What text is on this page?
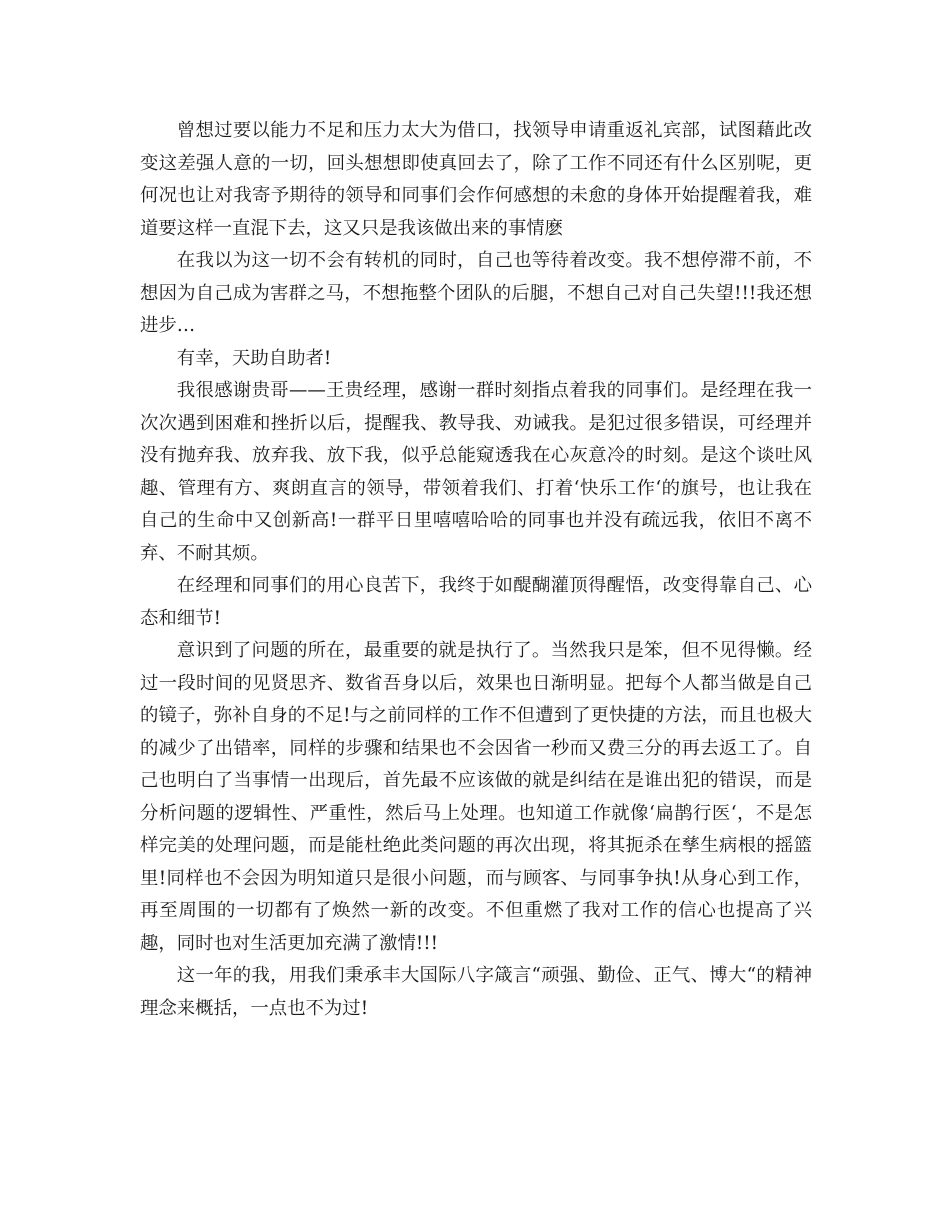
曾想过要以能力不足和压力太大为借口，找领导申请重返礼宾部，试图藉此改变这差强人意的一切，回头想想即使真回去了，除了工作不同还有什么区别呢，更何况也让对我寄予期待的领导和同事们会作何感想的未愈的身体开始提醒着我，难道要这样一直混下去，这又只是我该做出来的事情麽

在我以为这一切不会有转机的同时，自己也等待着改变。我不想停滞不前，不想因为自己成为害群之马，不想拖整个团队的后腿，不想自己对自己失望!!!我还想进步…

有幸，天助自助者!

我很感谢贵哥——王贵经理，感谢一群时刻指点着我的同事们。是经理在我一次次遇到困难和挫折以后，提醒我、教导我、劝诫我。是犯过很多错误，可经理并没有抛弃我、放弃我、放下我，似乎总能窥透我在心灰意冷的时刻。是这个谈吐风趣、管理有方、爽朗直言的领导，带领着我们、打着‘快乐工作‘的旗号，也让我在自己的生命中又创新高!一群平日里嘻嘻哈哈的同事也并没有疏远我，依旧不离不弃、不耐其烦。

在经理和同事们的用心良苦下，我终于如醍醐灌顶得醒悟，改变得靠自己、心态和细节!

意识到了问题的所在，最重要的就是执行了。当然我只是笨，但不见得懒。经过一段时间的见贤思齐、数省吾身以后，效果也日渐明显。把每个人都当做是自己的镜子，弥补自身的不足!与之前同样的工作不但遭到了更快捷的方法，而且也极大的减少了出错率，同样的步骤和结果也不会因省一秒而又费三分的再去返工了。自己也明白了当事情一出现后，首先最不应该做的就是纠结在是谁出犯的错误，而是分析问题的逻辑性、严重性，然后马上处理。也知道工作就像‘扁鹊行医‘，不是怎样完美的处理问题，而是能杜绝此类问题的再次出现，将其扼杀在孳生病根的摇篮里!同样也不会因为明知道只是很小问题，而与顾客、与同事争执!从身心到工作，再至周围的一切都有了焕然一新的改变。不但重燃了我对工作的信心也提高了兴趣，同时也对生活更加充满了激情!!!

这一年的我，用我们秉承丰大国际八字箴言“顽强、勤俭、正气、博大“的精神理念来概括，一点也不为过!
